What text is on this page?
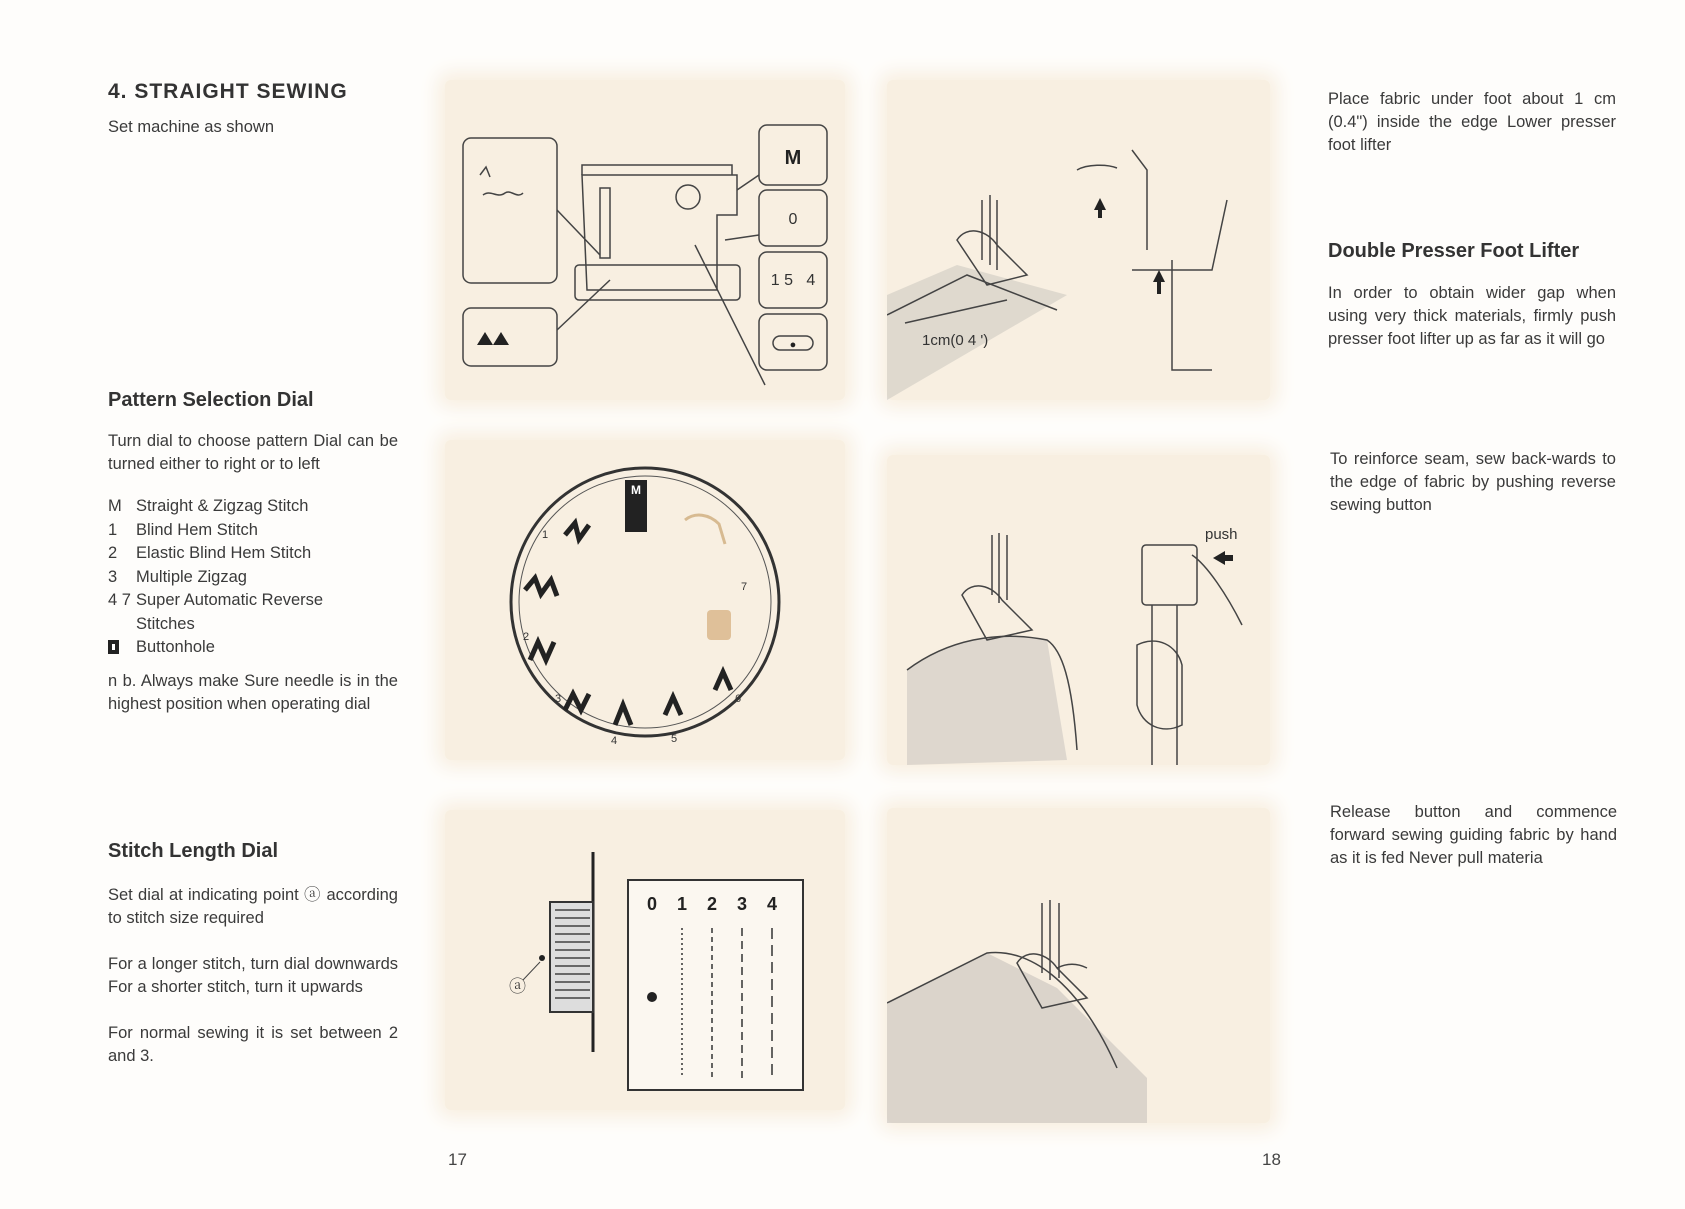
4. STRAIGHT SEWING

Set machine as shown

Pattern Selection Dial

Turn dial to choose pattern Dial can be turned either to right or to left

M Straight & Zigzag Stitch
1	Blind Hem Stitch
2	Elastic Blind Hem Stitch
3	Multiple Zigzag
4 7 Super Automatic Reverse Stitches
Buttonhole

n b. Always make Sure needle is in the highest position when operating dial

Stitch Length Dial

Set dial at indicating point ⓐ according to stitch size required

For a longer stitch, turn dial downwards For a shorter stitch, turn it upwards

For normal sewing it is set between 2 and 3.

Place fabric under foot about 1 cm (0.4") inside the edge Lower presser foot lifter

Double Presser Foot Lifter

In order to obtain wider gap when using very thick materials, firmly push presser foot lifter up as far as it will go

To reinforce seam, sew back-wards to the edge of fabric by pushing reverse sewing button

Release button and commence forward sewing guiding fabric by hand as it is fed Never pull materia

M
0
1 5   4
●	1cm(0 4 ')
M
1
2
3
4	5
6
7
push
ⓐ
0 1 2 3 4
17	18
